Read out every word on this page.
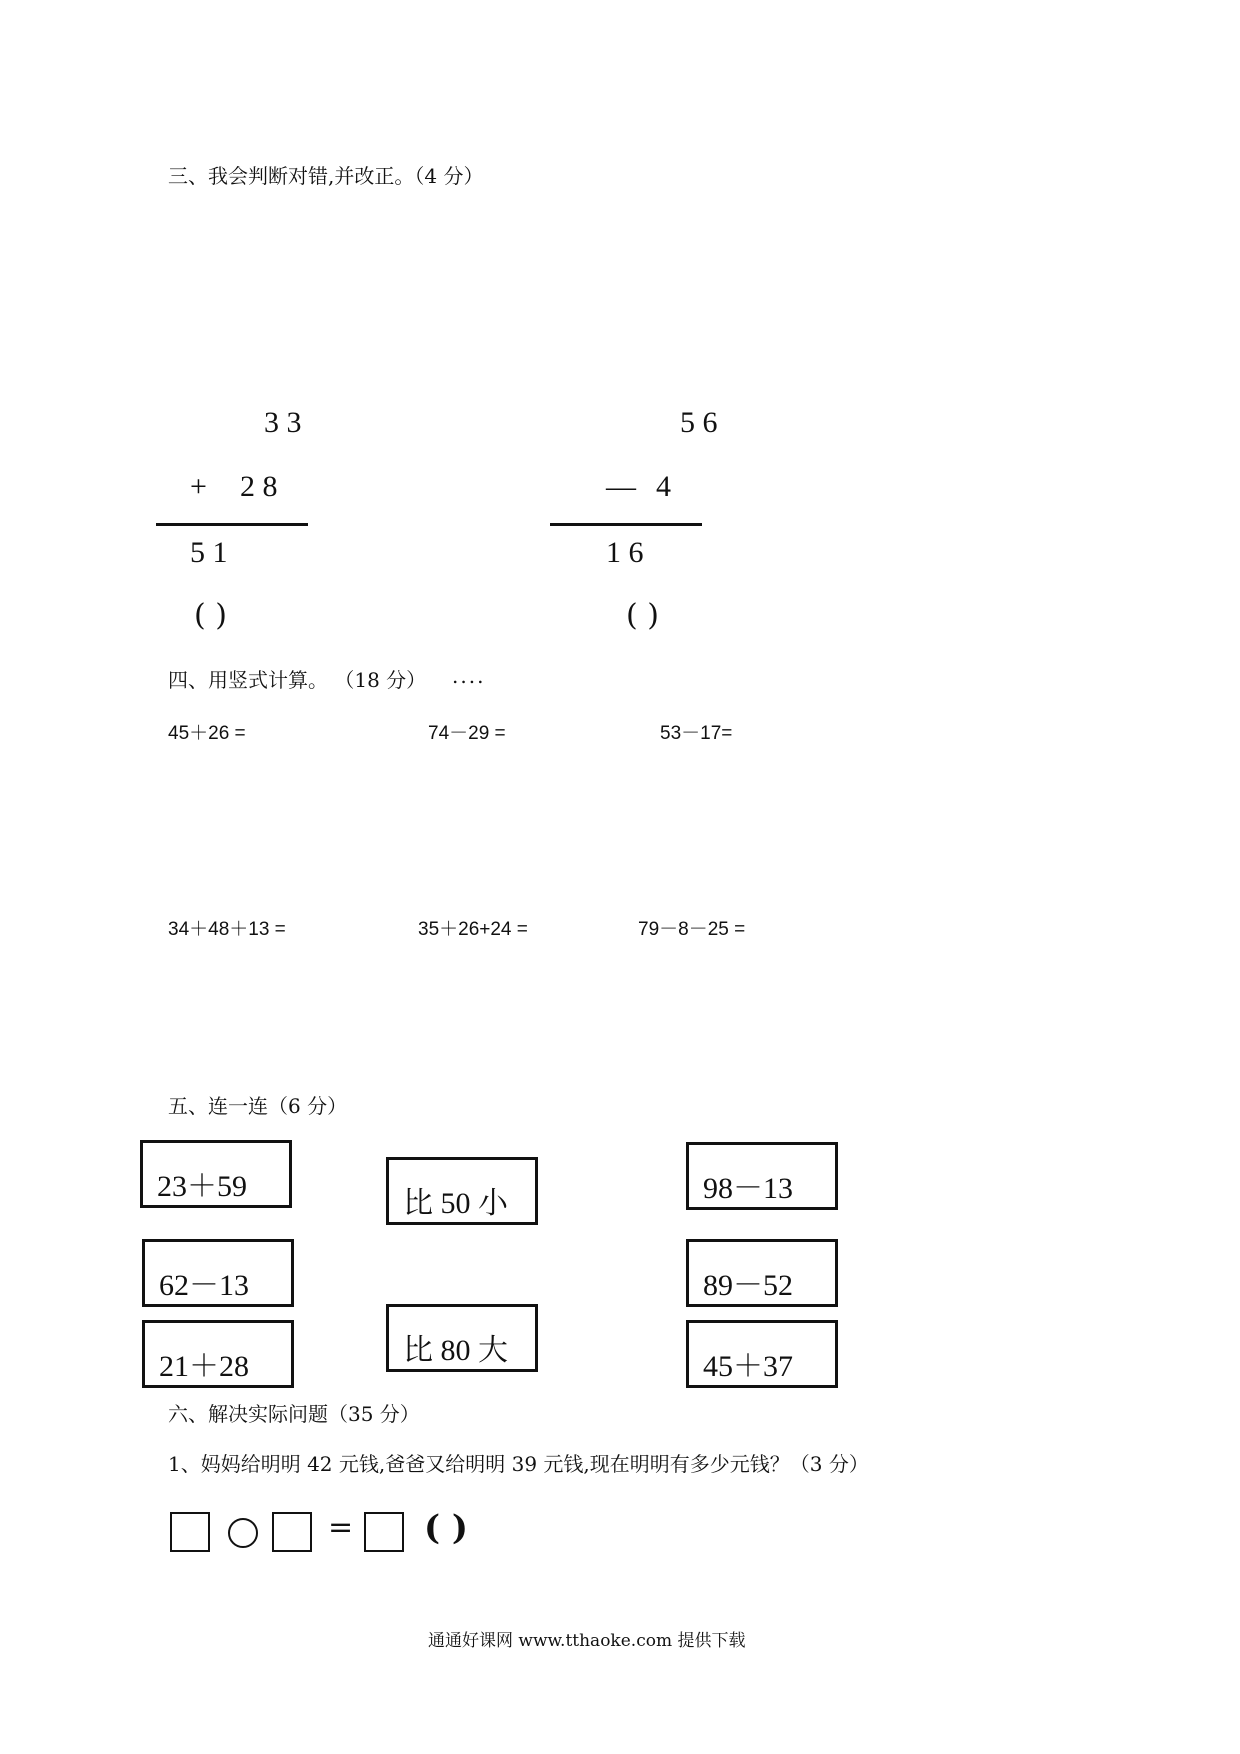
三、我会判断对错,并改正。（4 分）
3 3
+ 2 8
5 1
( )
5 6
— 4
1 6
( )
四、用竖式计算。 （18 分） ....
45＋26 =	74－29 =	53－17=
34＋48＋13 =	35＋26+24 =	79－8－25 =
五、连一连（6 分）
23＋59
62－13
21＋28
比 50 小
比 80 大
98－13
89－52
45＋37
六、解决实际问题（35 分）
1、妈妈给明明 42 元钱,爸爸又给明明 39 元钱,现在明明有多少元钱？（3 分）
= ( )
通通好课网 www.tthaoke.com 提供下载
